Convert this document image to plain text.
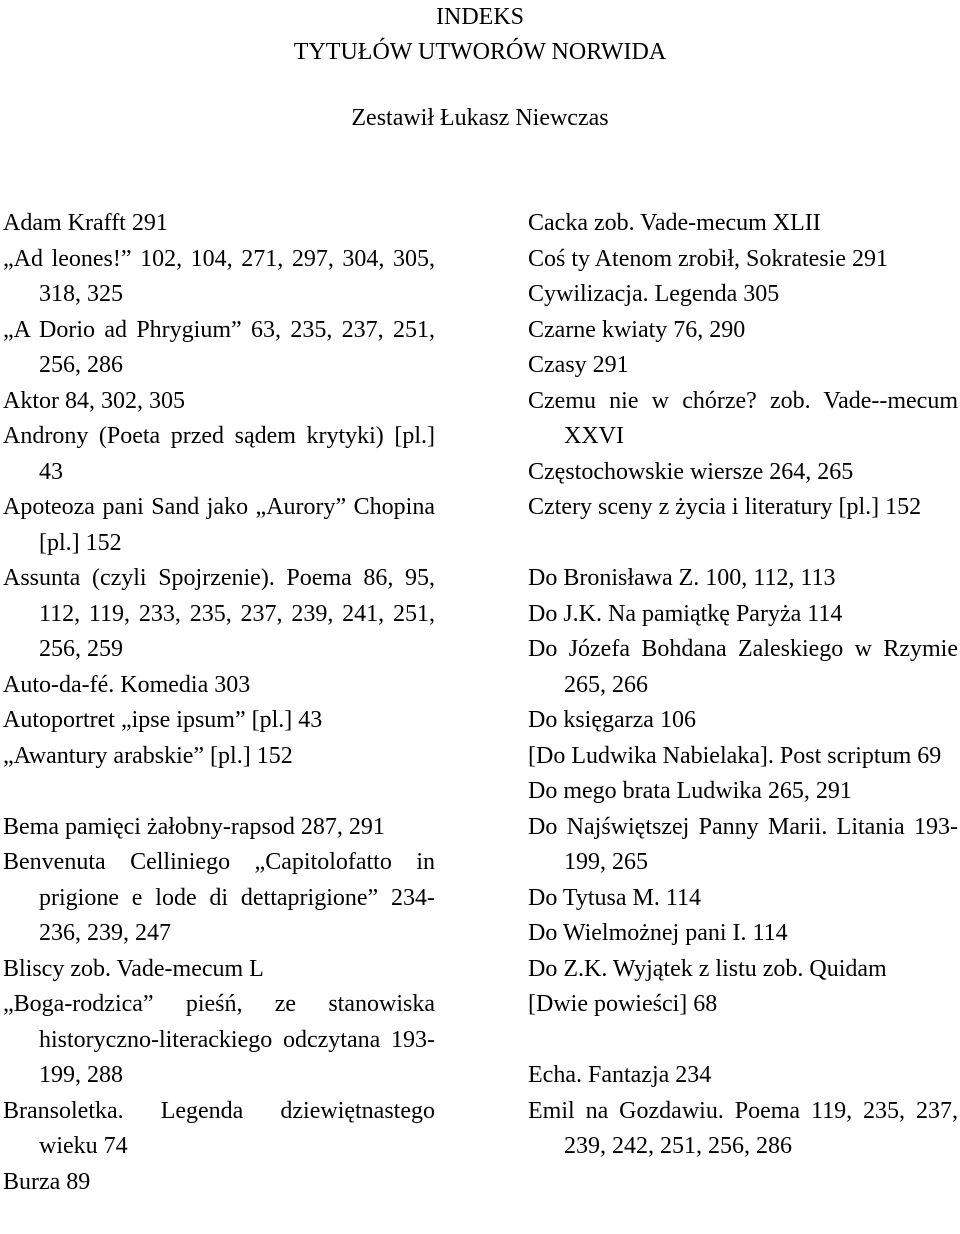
INDEKS
TYTUŁÓW UTWORÓW NORWIDA
Zestawił Łukasz Niewczas

Adam Krafft 291

„Ad leones!” 102, 104, 271, 297, 304, 305, 318, 325

„A Dorio ad Phrygium” 63, 235, 237, 251, 256, 286

Aktor 84, 302, 305

Androny (Poeta przed sądem krytyki) [pl.] 43

Apoteoza pani Sand jako „Aurory” Chopina [pl.] 152

Assunta (czyli Spojrzenie). Poema 86, 95, 112, 119, 233, 235, 237, 239, 241, 251, 256, 259

Auto-da-fé. Komedia 303

Autoportret „ipse ipsum” [pl.] 43

„Awantury arabskie” [pl.] 152

Bema pamięci żałobny-rapsod 287, 291

Benvenuta Celliniego „Capitolofatto in prigione e lode di dettaprigione” 234-236, 239, 247

Bliscy zob. Vade-mecum L

„Boga-rodzica” pieśń, ze stanowiska historyczno-literackiego odczytana 193-199, 288

Bransoletka. Legenda dziewiętnastego wieku 74

Burza 89

Cacka zob. Vade-mecum XLII

Coś ty Atenom zrobił, Sokratesie 291

Cywilizacja. Legenda 305

Czarne kwiaty 76, 290

Czasy 291

Czemu nie w chórze? zob. Vade--mecum XXVI

Częstochowskie wiersze 264, 265

Cztery sceny z życia i literatury [pl.] 152

Do Bronisława Z. 100, 112, 113

Do J.K. Na pamiątkę Paryża 114

Do Józefa Bohdana Zaleskiego w Rzymie 265, 266

Do księgarza 106

[Do Ludwika Nabielaka]. Post scriptum 69

Do mego brata Ludwika 265, 291

Do Najświętszej Panny Marii. Litania 193-199, 265

Do Tytusa M. 114

Do Wielmożnej pani I. 114

Do Z.K. Wyjątek z listu zob. Quidam

[Dwie powieści] 68

Echa. Fantazja 234

Emil na Gozdawiu. Poema 119, 235, 237, 239, 242, 251, 256, 286
